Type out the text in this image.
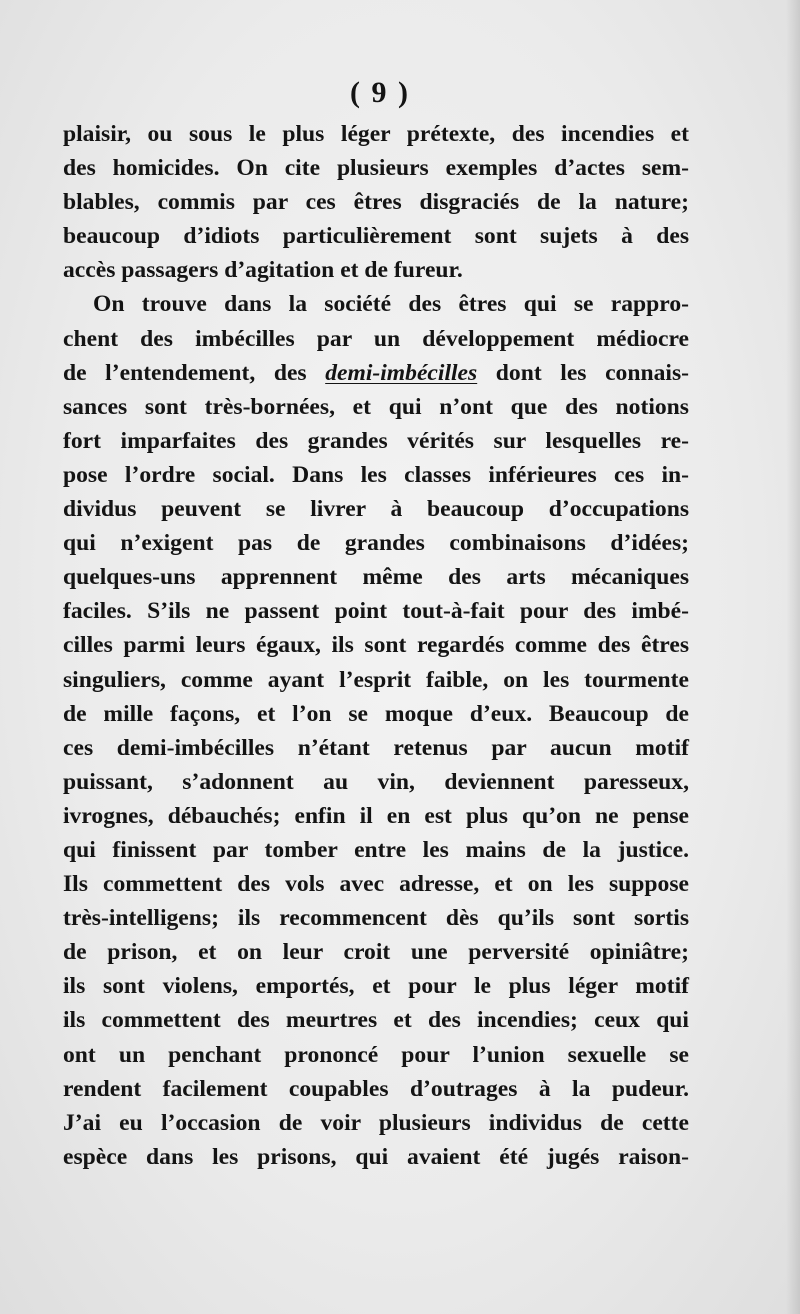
( 9 )
plaisir, ou sous le plus léger prétexte, des incendies et
des homicides. On cite plusieurs exemples d’actes sem-
blables, commis par ces êtres disgraciés de la nature;
beaucoup d’idiots particulièrement sont sujets à des
accès passagers d’agitation et de fureur.
On trouve dans la société des êtres qui se rappro-
chent des imbécilles par un développement médiocre
de l’entendement, des demi-imbécilles dont les connais-
sances sont très-bornées, et qui n’ont que des notions
fort imparfaites des grandes vérités sur lesquelles re-
pose l’ordre social. Dans les classes inférieures ces in-
dividus peuvent se livrer à beaucoup d’occupations
qui n’exigent pas de grandes combinaisons d’idées;
quelques-uns apprennent même des arts mécaniques
faciles. S’ils ne passent point tout-à-fait pour des imbé-
cilles parmi leurs égaux, ils sont regardés comme des êtres
singuliers, comme ayant l’esprit faible, on les tourmente
de mille façons, et l’on se moque d’eux. Beaucoup de
ces demi-imbécilles n’étant retenus par aucun motif
puissant, s’adonnent au vin, deviennent paresseux,
ivrognes, débauchés; enfin il en est plus qu’on ne pense
qui finissent par tomber entre les mains de la justice.
Ils commettent des vols avec adresse, et on les suppose
très-intelligens; ils recommencent dès qu’ils sont sortis
de prison, et on leur croit une perversité opiniâtre;
ils sont violens, emportés, et pour le plus léger motif
ils commettent des meurtres et des incendies; ceux qui
ont un penchant prononcé pour l’union sexuelle se
rendent facilement coupables d’outrages à la pudeur.
J’ai eu l’occasion de voir plusieurs individus de cette
espèce dans les prisons, qui avaient été jugés raison-
